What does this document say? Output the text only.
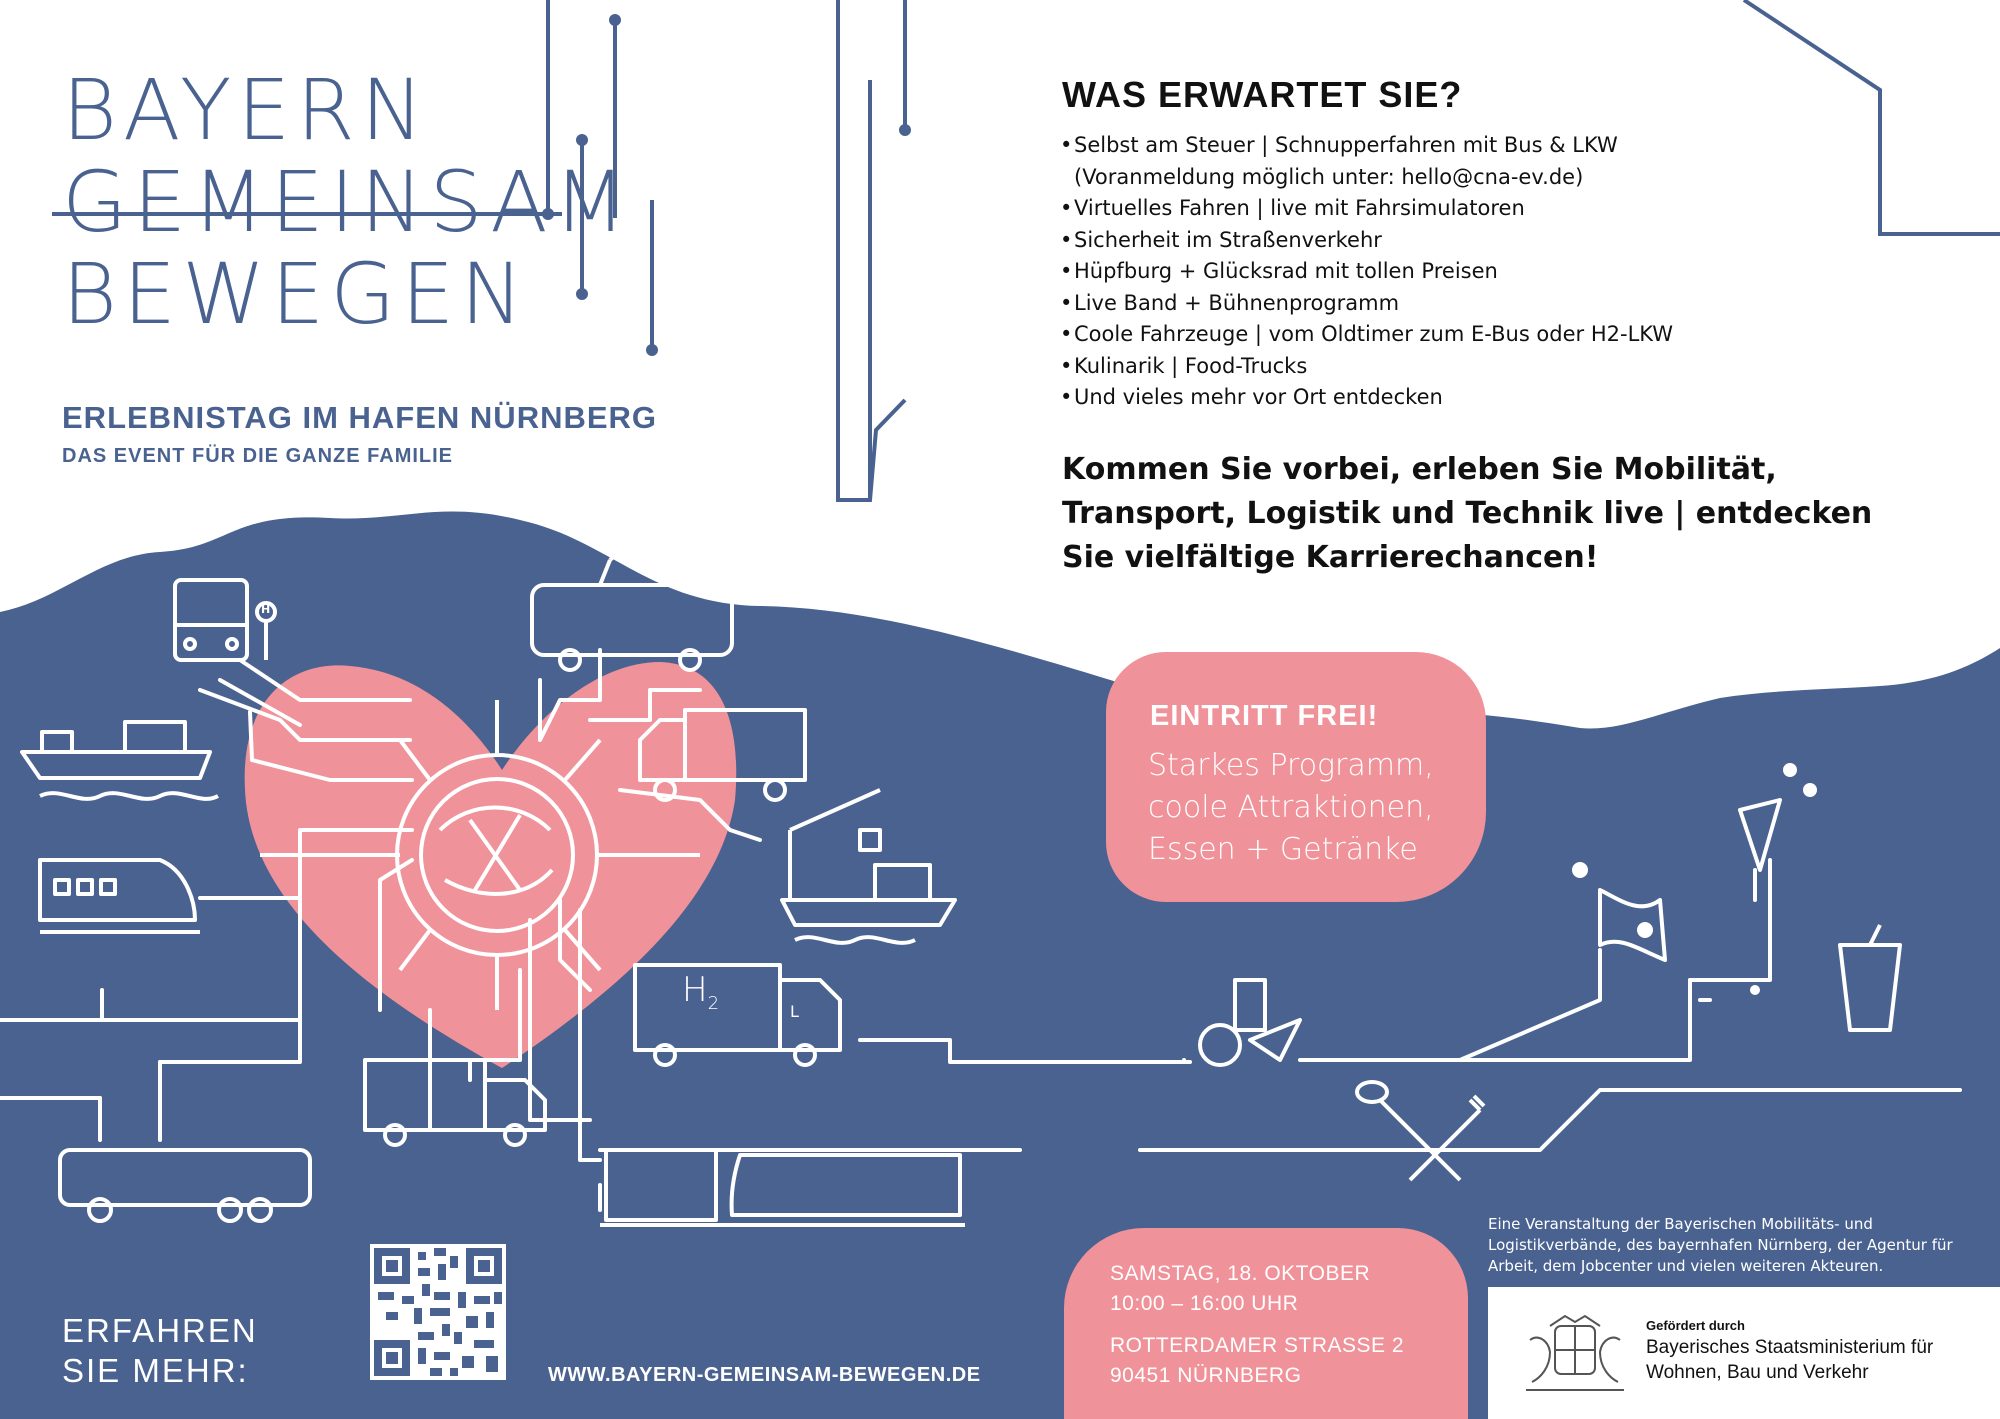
BAYERN
GEMEINSAM
BEWEGEN

ERLEBNISTAG IM HAFEN NÜRNBERG

DAS EVENT FÜR DIE GANZE FAMILIE

WAS ERWARTET SIE?
• Selbst am Steuer | Schnupperfahren mit Bus & LKW
(Voranmeldung möglich unter: hello@cna-ev.de)
• Virtuelles Fahren | live mit Fahrsimulatoren
• Sicherheit im Straßenverkehr
• Hüpfburg + Glücksrad mit tollen Preisen
• Live Band + Bühnenprogramm
• Coole Fahrzeuge | vom Oldtimer zum E-Bus oder H2-LKW
• Kulinarik | Food-Trucks
• Und vieles mehr vor Ort entdecken

Kommen Sie vorbei, erleben Sie Mobilität,
Transport, Logistik und Technik live | entdecken
Sie vielfältige Karrierechancen!

EINTRITT FREI!

Starkes Programm,

coole Attraktionen,

Essen + Getränke

$H_2$	L
H

SAMSTAG, 18. OKTOBER

10:00 – 16:00 UHR

ROTTERDAMER STRASSE 2

90451 NÜRNBERG

Eine Veranstaltung der Bayerischen Mobilitäts- und Logistikverbände, des bayernhafen Nürnberg, der Agentur für Arbeit, dem Jobcenter und vielen weiteren Akteuren.

Gefördert durch

Bayerisches Staatsministerium für

Wohnen, Bau und Verkehr

ERFAHREN

SIE MEHR:	WWW.BAYERN-GEMEINSAM-BEWEGEN.DE
